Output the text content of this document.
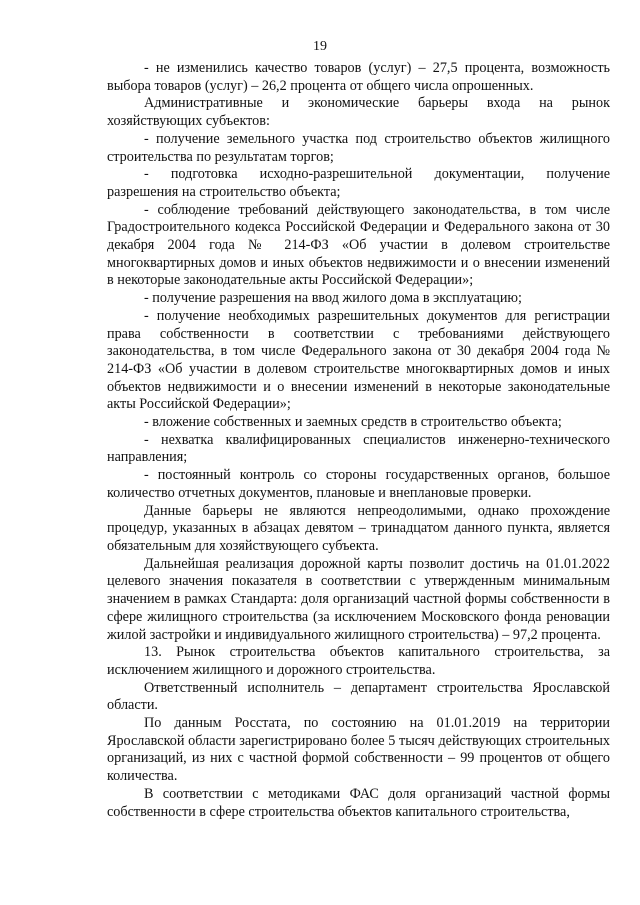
19

- не изменились качество товаров (услуг) – 27,5 процента, возможность выбора товаров (услуг) – 26,2 процента от общего числа опрошенных.

Административные и экономические барьеры входа на рынок хозяйствующих субъектов:

- получение земельного участка под строительство объектов жилищного строительства по результатам торгов;

- подготовка исходно-разрешительной документации, получение разрешения на строительство объекта;

- соблюдение требований действующего законодательства, в том числе Градостроительного кодекса Российской Федерации и Федерального закона от 30 декабря 2004 года № 214-ФЗ «Об участии в долевом строительстве многоквартирных домов и иных объектов недвижимости и о внесении изменений в некоторые законодательные акты Российской Федерации»;

- получение разрешения на ввод жилого дома в эксплуатацию;

- получение необходимых разрешительных документов для регистрации права собственности в соответствии с требованиями действующего законодательства, в том числе Федерального закона от 30 декабря 2004 года № 214-ФЗ «Об участии в долевом строительстве многоквартирных домов и иных объектов недвижимости и о внесении изменений в некоторые законодательные акты Российской Федерации»;

- вложение собственных и заемных средств в строительство объекта;

- нехватка квалифицированных специалистов инженерно-технического направления;

- постоянный контроль со стороны государственных органов, большое количество отчетных документов, плановые и внеплановые проверки.

Данные барьеры не являются непреодолимыми, однако прохождение процедур, указанных в абзацах девятом – тринадцатом данного пункта, является обязательным для хозяйствующего субъекта.

Дальнейшая реализация дорожной карты позволит достичь на 01.01.2022 целевого значения показателя в соответствии с утвержденным минимальным значением в рамках Стандарта: доля организаций частной формы собственности в сфере жилищного строительства (за исключением Московского фонда реновации жилой застройки и индивидуального жилищного строительства) – 97,2 процента.

13. Рынок строительства объектов капитального строительства, за исключением жилищного и дорожного строительства.

Ответственный исполнитель – департамент строительства Ярославской области.

По данным Росстата, по состоянию на 01.01.2019 на территории Ярославской области зарегистрировано более 5 тысяч действующих строительных организаций, из них с частной формой собственности – 99 процентов от общего количества.

В соответствии с методиками ФАС доля организаций частной формы собственности в сфере строительства объектов капитального строительства,
